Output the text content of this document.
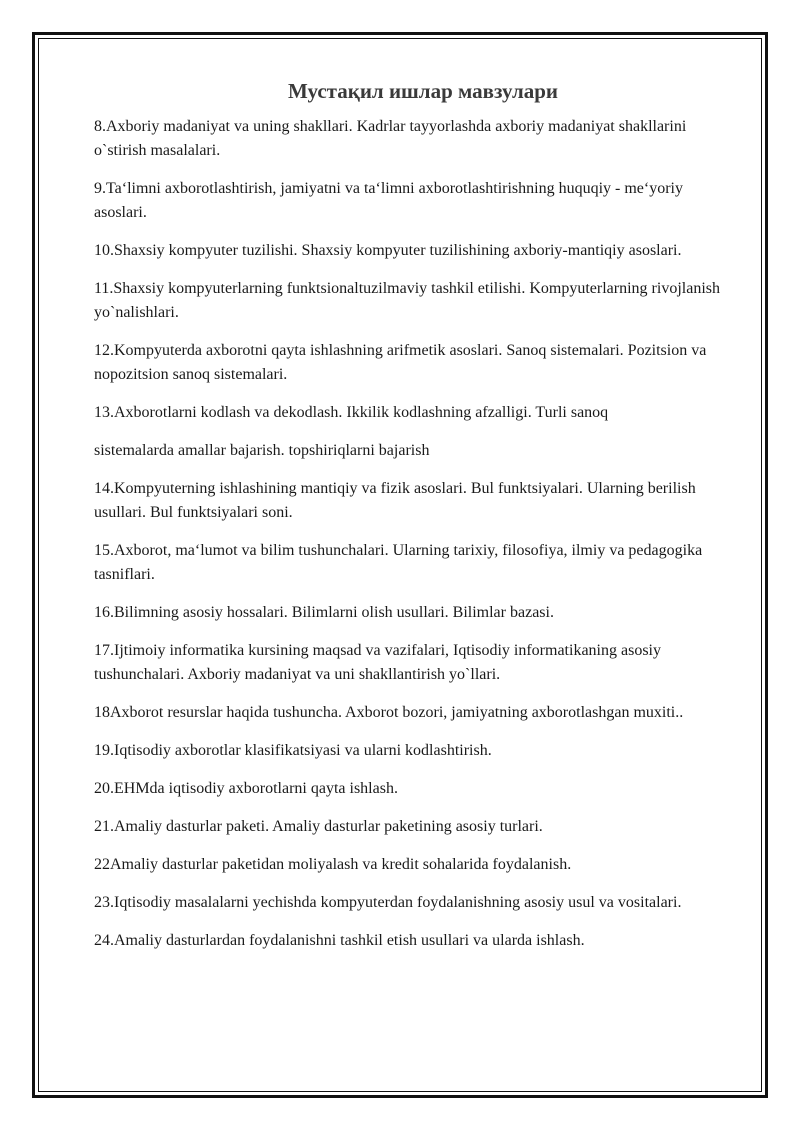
Мустақил ишлар мавзулари

8.Axboriy madaniyat va uning shakllari. Kadrlar tayyorlashda axboriy madaniyat shakllarini o`stirish masalalari.

9.Ta‘limni axborotlashtirish, jamiyatni va ta‘limni axborotlashtirishning huquqiy - me‘yoriy asoslari.

10.Shaxsiy kompyuter tuzilishi. Shaxsiy kompyuter tuzilishining axboriy-mantiqiy asoslari.

11.Shaxsiy kompyuterlarning funktsionaltuzilmaviy tashkil etilishi. Kompyuterlarning rivojlanish yo`nalishlari.

12.Kompyuterda axborotni qayta ishlashning arifmetik asoslari. Sanoq sistemalari. Pozitsion va nopozitsion sanoq sistemalari.

13.Axborotlarni kodlash va dekodlash. Ikkilik kodlashning afzalligi. Turli sanoq

sistemalarda amallar bajarish. topshiriqlarni bajarish

14.Kompyuterning ishlashining mantiqiy va fizik asoslari. Bul funktsiyalari. Ularning berilish usullari. Bul funktsiyalari soni.

15.Axborot, ma‘lumot va bilim tushunchalari. Ularning tarixiy, filosofiya, ilmiy va pedagogika tasniflari.

16.Bilimning asosiy hossalari. Bilimlarni olish usullari. Bilimlar bazasi.

17.Ijtimoiy informatika kursining maqsad va vazifalari, Iqtisodiy informatikaning asosiy tushunchalari. Axboriy madaniyat va uni shakllantirish yo`llari.

18Axborot resurslar haqida tushuncha. Axborot bozori, jamiyatning axborotlashgan muxiti..

19.Iqtisodiy axborotlar klasifikatsiyasi va ularni kodlashtirish.

20.EHMda iqtisodiy axborotlarni qayta ishlash.

21.Amaliy dasturlar paketi. Amaliy dasturlar paketining asosiy turlari.

22Amaliy dasturlar paketidan moliyalash va kredit sohalarida foydalanish.

23.Iqtisodiy masalalarni yechishda kompyuterdan foydalanishning asosiy usul va vositalari.

24.Amaliy dasturlardan foydalanishni tashkil etish usullari va ularda ishlash.
